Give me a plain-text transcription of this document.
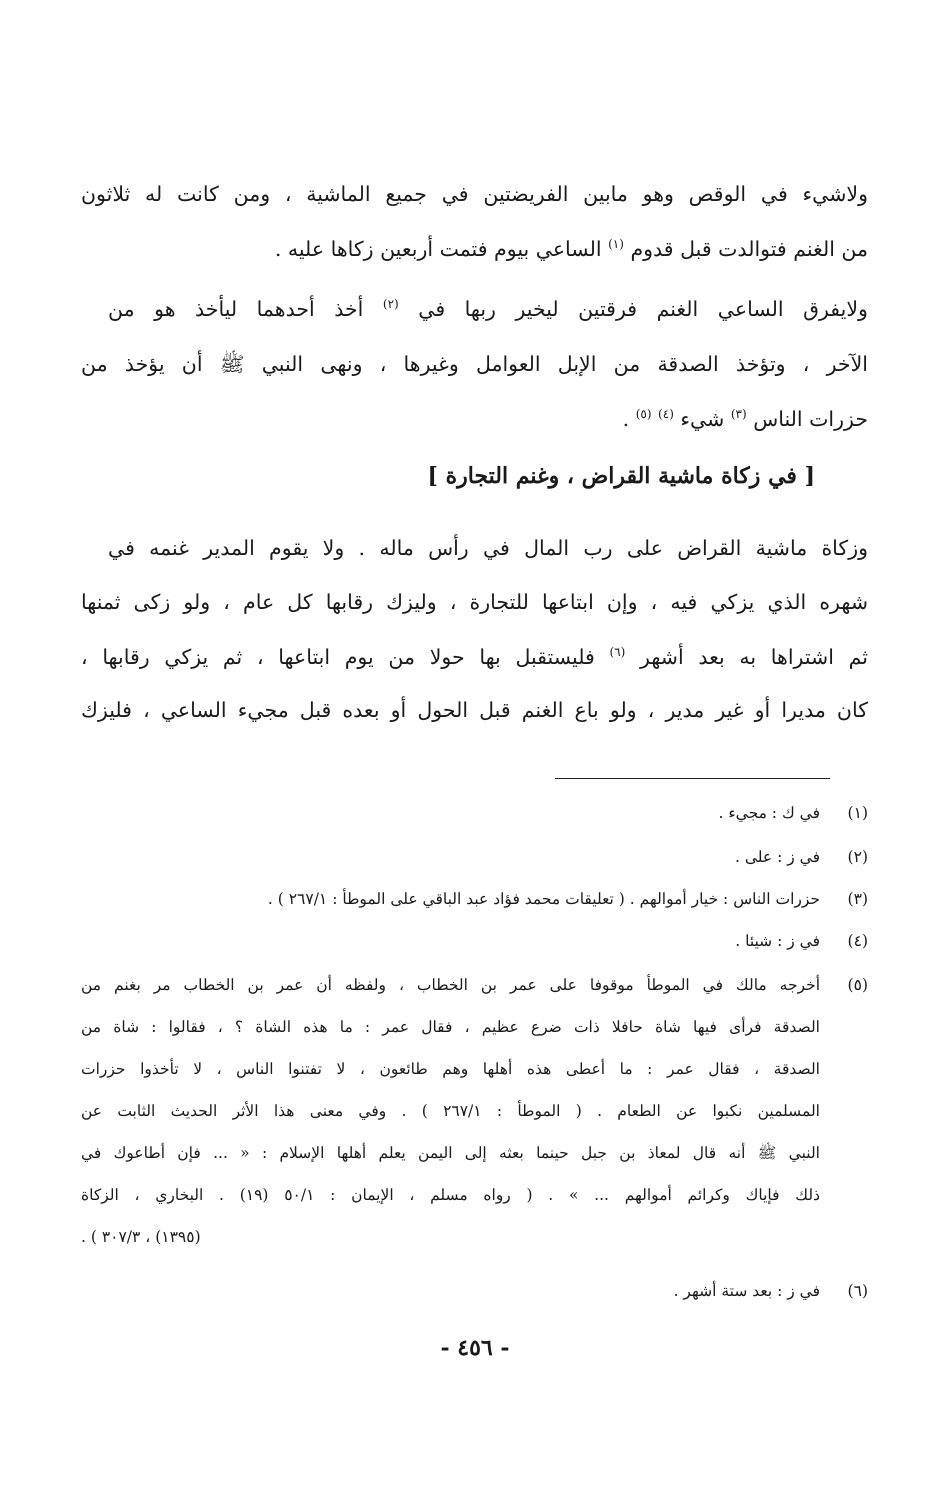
ولاشيء في الوقص وهو مابين الفريضتين في جميع الماشية ، ومن كانت له ثلاثون
من الغنم فتوالدت قبل قدوم $^{(١)}$ الساعي بيوم فتمت أربعين زكاها عليه .
ولايفرق الساعي الغنم فرقتين ليخير ربها في $^{(٢)}$ أخذ أحدهما ليأخذ هو من
الآخر ، وتؤخذ الصدقة من الإبل العوامل وغيرها ، ونهى النبي ﷺ أن يؤخذ من
حزرات الناس $^{(٣)}$ شيء $^{(٤)}$ $^{(٥)}$ .
[ في زكاة ماشية القراض ، وغنم التجارة ]
وزكاة ماشية القراض على رب المال في رأس ماله . ولا يقوم المدير غنمه في
شهره الذي يزكي فيه ، وإن ابتاعها للتجارة ، وليزك رقابها كل عام ، ولو زكى ثمنها
ثم اشتراها به بعد أشهر $^{(٦)}$ فليستقبل بها حولا من يوم ابتاعها ، ثم يزكي رقابها ،
كان مديرا أو غير مدير ، ولو باع الغنم قبل الحول أو بعده قبل مجيء الساعي ، فليزك
(١)في ك : مجيء .
(٢)في ز : على .
(٣)حزرات الناس : خيار أموالهم . ( تعليقات محمد فؤاد عبد الباقي على الموطأ : ٢٦٧/١ ) .
(٤)في ز : شيئا .
(٥)أخرجه مالك في الموطأ موقوفا على عمر بن الخطاب ، ولفظه أن عمر بن الخطاب مر بغنم من
الصدقة فرأى فيها شاة حافلا ذات ضرع عظيم ، فقال عمر : ما هذه الشاة ؟ ، فقالوا : شاة من
الصدقة ، فقال عمر : ما أعطى هذه أهلها وهم طائعون ، لا تفتنوا الناس ، لا تأخذوا حزرات
المسلمين نكبوا عن الطعام . ( الموطأ : ٢٦٧/١ ) . وفي معنى هذا الأثر الحديث الثابت عن
النبي ﷺ أنه قال لمعاذ بن جبل حينما بعثه إلى اليمن يعلم أهلها الإسلام : « ... فإن أطاعوك في
ذلك فإياك وكرائم أموالهم ... » . ( رواه مسلم ، الإيمان : ٥٠/١ (١٩) . البخاري ، الزكاة
(١٣٩٥) ، ٣٠٧/٣ ) .
(٦)في ز : بعد ستة أشهر .
- ٤٥٦ -
